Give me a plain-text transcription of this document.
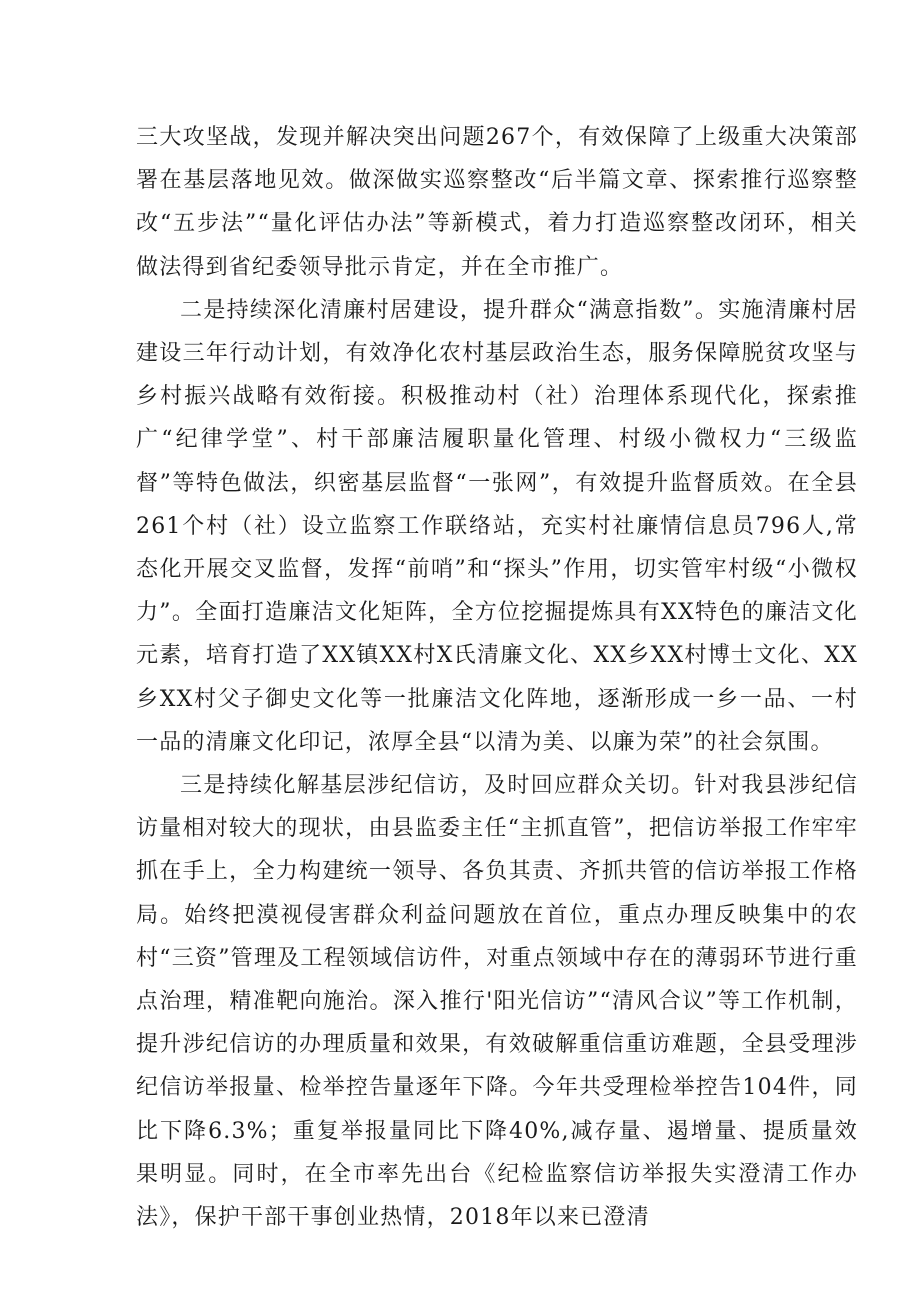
三大攻坚战，发现并解决突出问题267个，有效保障了上级重大决策部署在基层落地见效。做深做实巡察整改“后半篇文章、探索推行巡察整改“五步法”“量化评估办法”等新模式，着力打造巡察整改闭环，相关做法得到省纪委领导批示肯定，并在全市推广。

二是持续深化清廉村居建设，提升群众“满意指数”。实施清廉村居建设三年行动计划，有效净化农村基层政治生态，服务保障脱贫攻坚与乡村振兴战略有效衔接。积极推动村（社）治理体系现代化，探索推广“纪律学堂”、村干部廉洁履职量化管理、村级小微权力“三级监督”等特色做法，织密基层监督“一张网”，有效提升监督质效。在全县261个村（社）设立监察工作联络站，充实村社廉情信息员796人,常态化开展交叉监督，发挥“前哨”和“探头”作用，切实管牢村级“小微权力”。全面打造廉洁文化矩阵，全方位挖掘提炼具有XX特色的廉洁文化元素，培育打造了XX镇XX村X氏清廉文化、XX乡XX村博士文化、XX乡XX村父子御史文化等一批廉洁文化阵地，逐渐形成一乡一品、一村一品的清廉文化印记，浓厚全县“以清为美、以廉为荣”的社会氛围。

三是持续化解基层涉纪信访，及时回应群众关切。针对我县涉纪信访量相对较大的现状，由县监委主任“主抓直管”，把信访举报工作牢牢抓在手上，全力构建统一领导、各负其责、齐抓共管的信访举报工作格局。始终把漠视侵害群众利益问题放在首位，重点办理反映集中的农村“三资”管理及工程领域信访件，对重点领域中存在的薄弱环节进行重点治理，精准靶向施治。深入推行'阳光信访”“清风合议”等工作机制，提升涉纪信访的办理质量和效果，有效破解重信重访难题，全县受理涉纪信访举报量、检举控告量逐年下降。今年共受理检举控告104件，同比下降6.3%；重复举报量同比下降40%,减存量、遏增量、提质量效果明显。同时，在全市率先出台《纪检监察信访举报失实澄清工作办法》，保护干部干事创业热情，2018年以来已澄清
